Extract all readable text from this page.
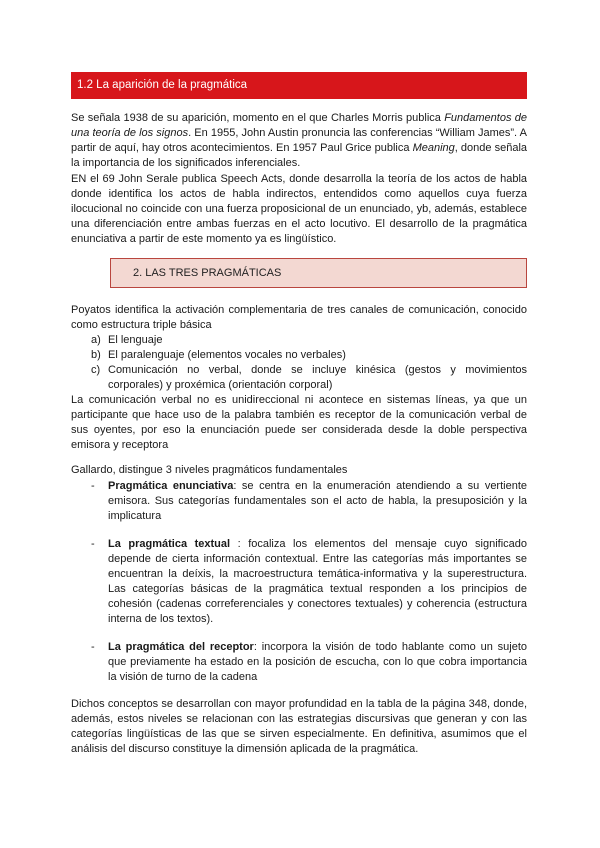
1.2 La aparición de la pragmática

Se señala 1938 de su aparición, momento en el que Charles Morris publica Fundamentos de una teoría de los signos. En 1955, John Austin pronuncia las conferencias “William James”. A partir de aquí, hay otros acontecimientos. En 1957 Paul Grice publica Meaning, donde señala la importancia de los significados inferenciales.

EN el 69 John Serale publica Speech Acts, donde desarrolla la teoría de los actos de habla donde identifica los actos de habla indirectos, entendidos como aquellos cuya fuerza ilocucional no coincide con una fuerza proposicional de un enunciado, yb, además, establece una diferenciación entre ambas fuerzas en el acto locutivo. El desarrollo de la pragmática enunciativa a partir de este momento ya es lingüístico.

2. LAS TRES PRAGMÁTICAS

Poyatos identifica la activación complementaria de tres canales de comunicación, conocido como estructura triple básica

a) El lenguaje

b) El paralenguaje (elementos vocales no verbales)

c) Comunicación no verbal, donde se incluye kinésica (gestos y movimientos corporales) y proxémica (orientación corporal)

La comunicación verbal no es unidireccional ni acontece en sistemas líneas, ya que un participante que hace uso de la palabra también es receptor de la comunicación verbal de sus oyentes, por eso la enunciación puede ser considerada desde la doble perspectiva emisora y receptora

Gallardo, distingue 3 niveles pragmáticos fundamentales

- Pragmática enunciativa: se centra en la enumeración atendiendo a su vertiente emisora. Sus categorías fundamentales son el acto de habla, la presuposición y la implicatura

- La pragmática textual : focaliza los elementos del mensaje cuyo significado depende de cierta información contextual. Entre las categorías más importantes se encuentran la deíxis, la macroestructura temática-informativa y la superestructura. Las categorías básicas de la pragmática textual responden a los principios de cohesión (cadenas correferenciales y conectores textuales) y coherencia (estructura interna de los textos).

- La pragmática del receptor: incorpora la visión de todo hablante como un sujeto que previamente ha estado en la posición de escucha, con lo que cobra importancia la visión de turno de la cadena

Dichos conceptos se desarrollan con mayor profundidad en la tabla de la página 348, donde, además, estos niveles se relacionan con las estrategias discursivas que generan y con las categorías lingüísticas de las que se sirven especialmente. En definitiva, asumimos que el análisis del discurso constituye la dimensión aplicada de la pragmática.
